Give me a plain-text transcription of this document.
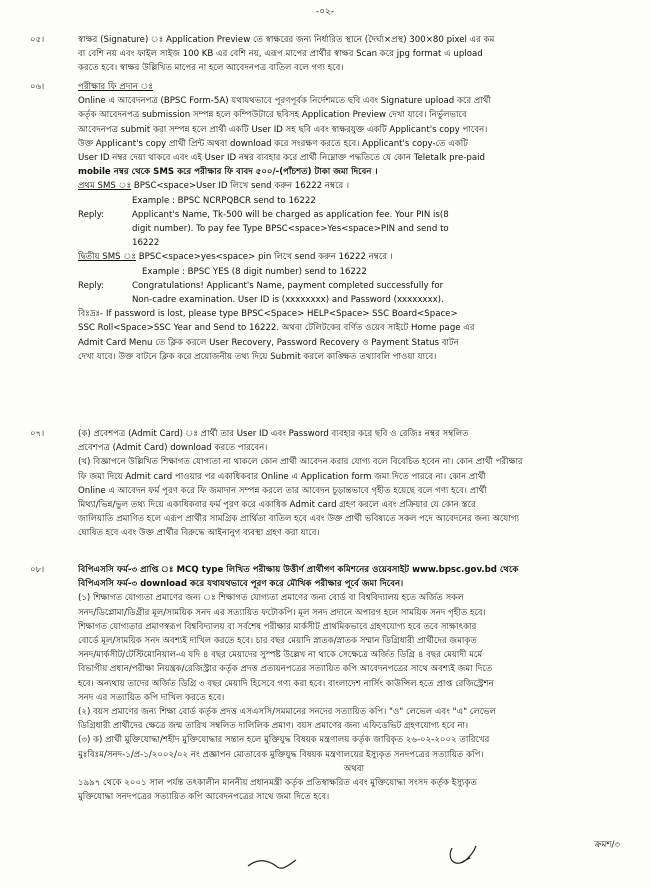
-০২-
০৫।	স্বাক্ষর (Signature) ঃ Application Preview তে স্বাক্ষরের জন্য নির্ধারিত স্থানে (দৈর্ঘ্য×প্রস্থ) 300×80 pixel এর কম
বা বেশি নয় এবং ফাইল সাইজ 100 KB এর বেশি নয়, এরূপ মাপের প্রার্থীর স্বাক্ষর Scan করে jpg format এ upload
করতে হবে। স্বাক্ষর উল্লিখিত মাপের না হলে আবেদনপত্র বাতিল বলে গণ্য হবে।
০৬।	পরীক্ষার ফি প্রদান ঃ
Online এ আবেদনপত্র (BPSC Form-5A) যথাযথভাবে পূরণপূর্বক নির্দেশমতে ছবি এবং Signature upload করে প্রার্থী
কর্তৃক আবেদনপত্র submission সম্পন্ন হলে কম্পিউটারে ছবিসহ Application Preview দেখা যাবে। নির্ভুলভাবে
আবেদনপত্র submit করা সম্পন্ন হলে প্রার্থী একটি User ID সহ ছবি এবং স্বাক্ষরযুক্ত একটি Applicant's copy পাবেন।
উক্ত Applicant's copy প্রার্থী প্রিন্ট অথবা download করে সংরক্ষণ করতে হবে। Applicant's copy-তে একটি
User ID নম্বর দেয়া থাকবে এবং এই User ID নম্বর ব্যবহার করে প্রার্থী নিম্নোক্ত পদ্ধতিতে যে কোন Teletalk pre-paid
mobile নম্বর থেকে SMS করে পরীক্ষার ফি বাবদ ৫০০/-(পাঁচশত) টাকা জমা দিবেন ।
প্রথম SMS ঃ BPSC<space>User ID লিখে send করুন 16222 নম্বরে ।
Example : BPSC NCRPQBCR send to 16222
Reply:	Applicant's Name, Tk-500 will be charged as application fee. Your PIN is(8
digit number). To pay fee Type BPSC<space>Yes<space>PIN and send to
16222
দ্বিতীয় SMS ঃ BPSC<space>yes<space> pin লিখে send করুন 16222 নম্বরে ।
Example : BPSC YES (8 digit number) send to 16222
Reply:	Congratulations! Applicant's Name, payment completed successfully for
Non-cadre examination. User ID is (xxxxxxxx) and Password (xxxxxxxx).
বিঃদ্রঃ- If password is lost, please type BPSC<Space> HELP<Space> SSC Board<Space>
SSC Roll<Space>SSC Year and Send to 16222. অথবা টেলিটকের বর্ণিত ওয়েব সাইটে Home page এর
Admit Card Menu তে ক্লিক করলে User Recovery, Password Recovery ও Payment Status বাটন
দেখা যাবে। উক্ত বাটনে ক্লিক করে প্রয়োজনীয় তথ্য দিয়ে Submit করলে কাঙ্ক্ষিত তথ্যাবলি পাওয়া যাবে।
০৭।	(ক) প্রবেশপত্র (Admit Card) ঃ প্রার্থী তার User ID এবং Password ব্যবহার করে ছবি ও রেজিঃ নম্বর সম্বলিত
প্রবেশপত্র (Admit Card) download করতে পারবেন।
(খ) বিজ্ঞাপনে উল্লিখিত শিক্ষাগত যোগ্যতা না থাকলে কোন প্রার্থী আবেদন করার যোগ্য বলে বিবেচিত হবেন না। কোন প্রার্থী পরীক্ষার
ফি জমা দিয়ে Admit card পাওয়ার পর একাধিকবার Online এ Application form জমা দিতে পারবে না। কোন প্রার্থী
Online এ আবেদন ফর্ম পূরণ করে ফি জমাদান সম্পন্ন করলে তার আবেদন চূড়ান্তভাবে গৃহীত হয়েছে বলে গণ্য হবে। প্রার্থী
মিথ্যা/ভিন্ন/ভুল তথ্য দিয়ে একাধিকবার ফর্ম পূরণ করে একাধিক Admit card গ্রহণ করলে এবং প্রক্রিয়ার যে কোন স্তরে
জালিয়াতি প্রমাণিত হলে এরূপ প্রার্থীর সামগ্রিক প্রার্থিতা বাতিল হবে এবং উক্ত প্রার্থী ভবিষ্যতে সকল পদে আবেদনের জন্য অযোগ্য
ঘোষিত হবে এবং উক্ত প্রার্থীর বিরুদ্ধে আইনানুগ ব্যবস্থা গ্রহণ করা যাবে।
০৮।	বিপিএসসি ফর্ম-৩ প্রাপ্তি ঃ MCQ type লিখিত পরীক্ষায় উত্তীর্ণ প্রার্থীগণ কমিশনের ওয়েবসাইট www.bpsc.gov.bd থেকে
বিপিএসসি ফর্ম-৩ download করে যথাযথভাবে পূরণ করে মৌখিক পরীক্ষার পূর্বে জমা দিবেন।
(১) শিক্ষাগত যোগ্যতা প্রমাণের জন্য ঃ শিক্ষাগত যোগ্যতা প্রমাণের জন্য বোর্ড বা বিশ্ববিদ্যালয় হতে অর্জিত সকল
সনদ/ডিপ্লোমা/ডিগ্রীর মূল/সাময়িক সনদ এর সত্যায়িত ফটোকপি। মূল সনদ প্রদানে অপারগ হলে সাময়িক সনদ গৃহীত হবে।
শিক্ষাগত যোগ্যতার প্রমাণস্বরূপ বিশ্ববিদ্যালয় বা সর্বশেষ পরীক্ষার মার্কসীট প্রাথমিকভাবে গ্রহণযোগ্য হবে তবে সাক্ষাৎকার
বোর্ডে মূল/সাময়িক সনদ অবশ্যই দাখিল করতে হবে। চার বছর মেয়াদি স্নাতক/স্নাতক সম্মান ডিগ্রিধারী প্রার্থীদের জমাকৃত
সনদ/মার্কসীট/টেস্টিমোনিয়াল-এ যদি ৪ বছর মেয়াদের সুস্পষ্ট উল্লেখ না থাকে সেক্ষেত্রে অর্জিত ডিগ্রি ৪ বছর মেয়াদী মর্মে
বিভাগীয় প্রধান/পরীক্ষা নিয়ন্ত্রক/রেজিস্ট্রার কর্তৃক প্রদত্ত প্রত্যয়নপত্রের সত্যায়িত কপি আবেদনপত্রের সাথে অবশ্যই জমা দিতে
হবে। অন্যথায় তাদের অর্জিত ডিগ্রি ৩ বছর মেয়াদি হিসেবে গণ্য করা হবে। বাংলাদেশ নার্সিং কাউন্সিল হতে প্রাপ্ত রেজিস্ট্রেশন
সনদ এর সত্যায়িত কপি দাখিল করতে হবে।
(২) বয়স প্রমাণের জন্য শিক্ষা বোর্ড কর্তৃক প্রদত্ত এসএসসি/সমমানের সনদের সত্যায়িত কপি। "ও" লেভেল এবং "এ" লেভেল
ডিগ্রিধারী প্রার্থীদের ক্ষেত্রে জন্ম তারিখ সম্বলিত দালিলিক প্রমাণ। বয়স প্রমাণের জন্য এফিডেভিট গ্রহণযোগ্য হবে না।
(৩) ক) প্রার্থী মুক্তিযোদ্ধা/শহীদ মুক্তিযোদ্ধার সন্তান হলে মুক্তিযুদ্ধ বিষয়ক মন্ত্রণালয় কর্তৃক জারিকৃত ২৬-০২-২০০২ তারিখের
মুঃবিঃম/সনদ-১/প্র-১/২০০২/০২ নং প্রজ্ঞাপন মোতাবেক মুক্তিযুদ্ধ বিষয়ক মন্ত্রণালয়ের ইস্যুকৃত সনদপত্রের সত্যায়িত কপি।
অথবা
১৯৯৭ থেকে ২০০১ সাল পর্যন্ত তৎকালীন মাননীয় প্রধানমন্ত্রী কর্তৃক প্রতিস্বাক্ষরিত এবং মুক্তিযোদ্ধা সংসদ কর্তৃক ইস্যুকৃত
মুক্তিযোদ্ধা সনদপত্রের সত্যায়িত কপি আবেদনপত্রের সাথে জমা দিতে হবে।
ক্রমশ/৩
